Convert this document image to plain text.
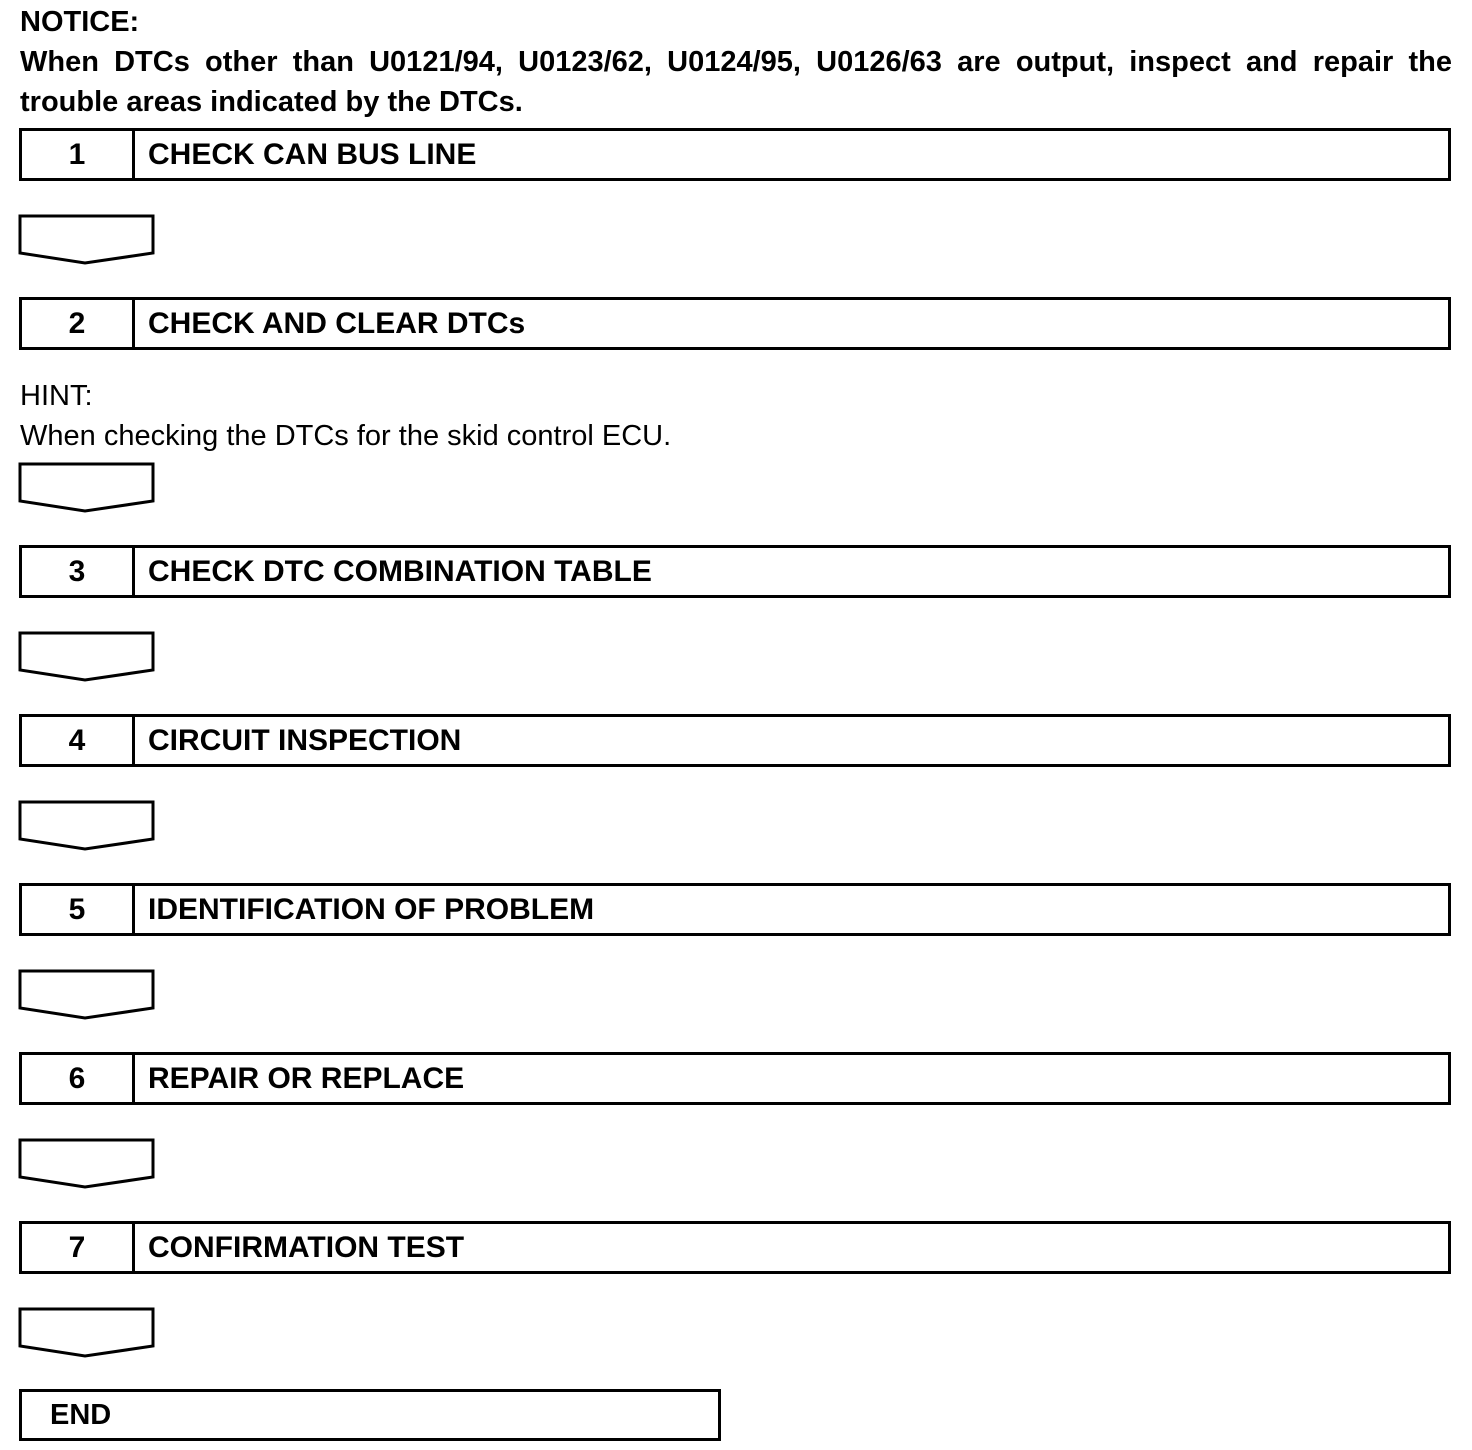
NOTICE:
When DTCs other than U0121/94, U0123/62, U0124/95, U0126/63 are output, inspect and repair the trouble areas indicated by the DTCs.
1	CHECK CAN BUS LINE
2	CHECK AND CLEAR DTCs
HINT:
When checking the DTCs for the skid control ECU.
3	CHECK DTC COMBINATION TABLE
4	CIRCUIT INSPECTION
5	IDENTIFICATION OF PROBLEM
6	REPAIR OR REPLACE
7	CONFIRMATION TEST
END
